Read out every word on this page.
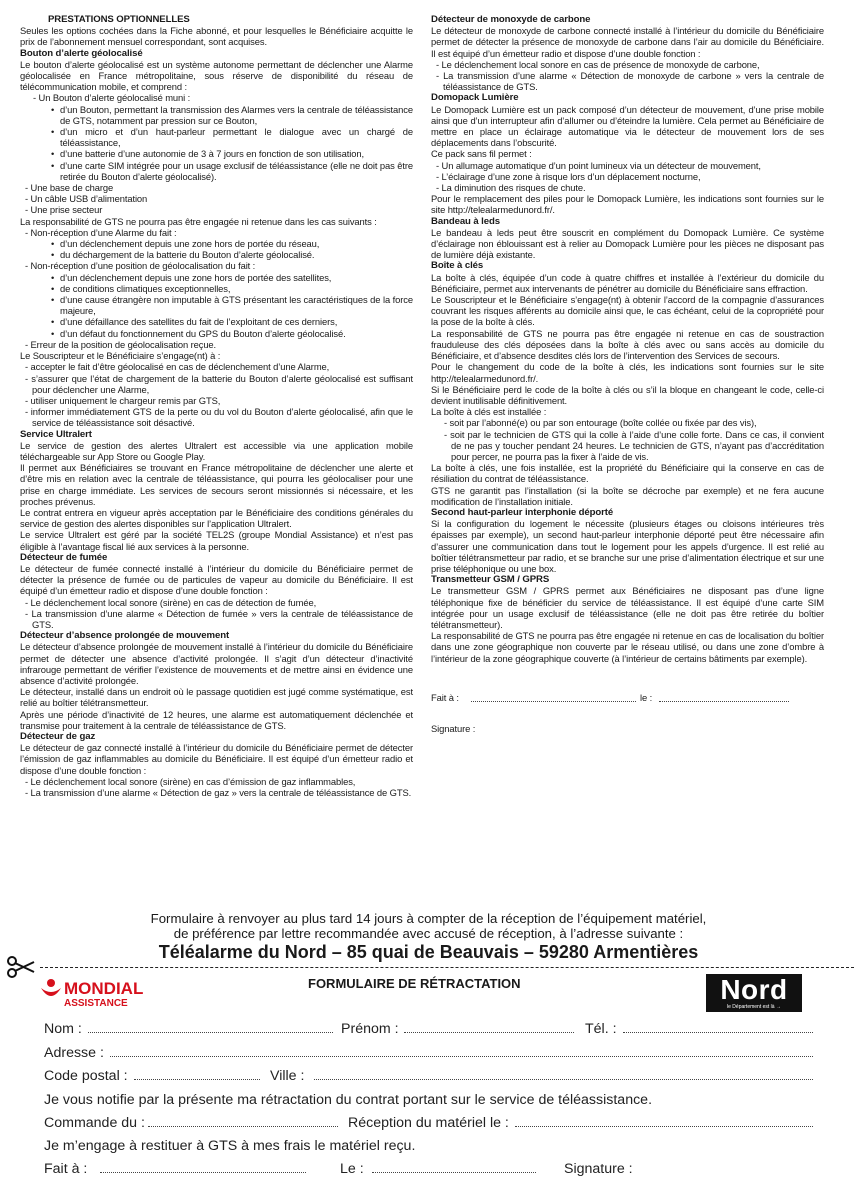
PRESTATIONS OPTIONNELLES

Seules les options cochées dans la Fiche abonné, et pour lesquelles le Bénéficiaire acquitte le prix de l’abonnement mensuel correspondant, sont acquises.

Bouton d’alerte géolocalisé

Le bouton d’alerte géolocalisé est un système autonome permettant de déclencher une Alarme géolocalisée en France métropolitaine, sous réserve de disponibilité du réseau de télécommunication mobile, et comprend :

- Un Bouton d’alerte géolocalisé muni :
• d’un Bouton, permettant la transmission des Alarmes vers la centrale de téléassistance de GTS, notamment par pression sur ce Bouton,
• d’un micro et d’un haut-parleur permettant le dialogue avec un chargé de téléassistance,
• d’une batterie d’une autonomie de 3 à 7 jours en fonction de son utilisation,
• d’une carte SIM intégrée pour un usage exclusif de téléassistance (elle ne doit pas être retirée du Bouton d’alerte géolocalisé).
- Une base de charge
- Un câble USB d’alimentation
- Une prise secteur

La responsabilité de GTS ne pourra pas être engagée ni retenue dans les cas suivants :

- Non-réception d’une Alarme du fait :
• d’un déclenchement depuis une zone hors de portée du réseau,
• du déchargement de la batterie du Bouton d’alerte géolocalisé.
- Non-réception d’une position de géolocalisation du fait :
• d’un déclenchement depuis une zone hors de portée des satellites,
• de conditions climatiques exceptionnelles,
• d’une cause étrangère non imputable à GTS présentant les caractéristiques de la force majeure,
• d’une défaillance des satellites du fait de l’exploitant de ces derniers,
• d’un défaut du fonctionnement du GPS du Bouton d’alerte géolocalisé.
- Erreur de la position de géolocalisation reçue.

Le Souscripteur et le Bénéficiaire s’engage(nt) à :

- accepter le fait d’être géolocalisé en cas de déclenchement d’une Alarme,
- s’assurer que l’état de chargement de la batterie du Bouton d’alerte géolocalisé est suffisant pour déclencher une Alarme,
- utiliser uniquement le chargeur remis par GTS,
- informer immédiatement GTS de la perte ou du vol du Bouton d’alerte géolocalisé, afin que le service de téléassistance soit désactivé.
Service Ultralert

Le service de gestion des alertes Ultralert est accessible via une application mobile téléchargeable sur App Store ou Google Play.

Il permet aux Bénéficiaires se trouvant en France métropolitaine de déclencher une alerte et d’être mis en relation avec la centrale de téléassistance, qui pourra les géolocaliser pour une prise en charge immédiate. Les services de secours seront missionnés si nécessaire, et les proches prévenus.

Le contrat entrera en vigueur après acceptation par le Bénéficiaire des conditions générales du service de gestion des alertes disponibles sur l’application Ultralert.

Le service Ultralert est géré par la société TEL2S (groupe Mondial Assistance) et n’est pas éligible à l’avantage fiscal lié aux services à la personne.

Détecteur de fumée

Le détecteur de fumée connecté installé à l’intérieur du domicile du Bénéficiaire permet de détecter la présence de fumée ou de particules de vapeur au domicile du Bénéficiaire. Il est équipé d’un émetteur radio et dispose d’une double fonction :

- Le déclenchement local sonore (sirène) en cas de détection de fumée,
- La transmission d’une alarme « Détection de fumée » vers la centrale de téléassistance de GTS.
Détecteur d’absence prolongée de mouvement

Le détecteur d’absence prolongée de mouvement installé à l’intérieur du domicile du Bénéficiaire permet de détecter une absence d’activité prolongée. Il s’agit d’un détecteur d’inactivité infrarouge permettant de vérifier l’existence de mouvements et de mettre ainsi en évidence une absence d’activité prolongée.

Le détecteur, installé dans un endroit où le passage quotidien est jugé comme systématique, est relié au boîtier télétransmetteur.

Après une période d’inactivité de 12 heures, une alarme est automatiquement déclenchée et transmise pour traitement à la centrale de téléassistance de GTS.

Détecteur de gaz

Le détecteur de gaz connecté installé à l’intérieur du domicile du Bénéficiaire permet de détecter l’émission de gaz inflammables au domicile du Bénéficiaire. Il est équipé d’un émetteur radio et dispose d’une double fonction :

- Le déclenchement local sonore (sirène) en cas d’émission de gaz inflammables,
- La transmission d’une alarme « Détection de gaz » vers la centrale de téléassistance de GTS.
Détecteur de monoxyde de carbone

Le détecteur de monoxyde de carbone connecté installé à l’intérieur du domicile du Bénéficiaire permet de détecter la présence de monoxyde de carbone dans l’air au domicile du Bénéficiaire. Il est équipé d’un émetteur radio et dispose d’une double fonction :

- Le déclenchement local sonore en cas de présence de monoxyde de carbone,
- La transmission d’une alarme « Détection de monoxyde de carbone » vers la centrale de téléassistance de GTS.
Domopack Lumière

Le Domopack Lumière est un pack composé d’un détecteur de mouvement, d’une prise mobile ainsi que d’un interrupteur afin d’allumer ou d’éteindre la lumière. Cela permet au Bénéficiaire de mettre en place un éclairage automatique via le détecteur de mouvement lors de ses déplacements dans l’obscurité.

Ce pack sans fil permet :

- Un allumage automatique d’un point lumineux via un détecteur de mouvement,
- L’éclairage d’une zone à risque lors d’un déplacement nocturne,
- La diminution des risques de chute.

Pour le remplacement des piles pour le Domopack Lumière, les indications sont fournies sur le site http://telealarmedunord.fr/.

Bandeau à leds

Le bandeau à leds peut être souscrit en complément du Domopack Lumière. Ce système d’éclairage non éblouissant est à relier au Domopack Lumière pour les pièces ne disposant pas de lumière déjà existante.

Boîte à clés

La boîte à clés, équipée d’un code à quatre chiffres et installée à l’extérieur du domicile du Bénéficiaire, permet aux intervenants de pénétrer au domicile du Bénéficiaire sans effraction.

Le Souscripteur et le Bénéficiaire s’engage(nt) à obtenir l’accord de la compagnie d’assurances couvrant les risques afférents au domicile ainsi que, le cas échéant, celui de la copropriété pour la pose de la boîte à clés.

La responsabilité de GTS ne pourra pas être engagée ni retenue en cas de soustraction frauduleuse des clés déposées dans la boîte à clés avec ou sans accès au domicile du Bénéficiaire, et d’absence desdites clés lors de l’intervention des Services de secours.

Pour le changement du code de la boîte à clés, les indications sont fournies sur le site http://telealarmedunord.fr/.

Si le Bénéficiaire perd le code de la boîte à clés ou s’il la bloque en changeant le code, celle-ci devient inutilisable définitivement.

La boîte à clés est installée :

- soit par l’abonné(e) ou par son entourage (boîte collée ou fixée par des vis),
- soit par le technicien de GTS qui la colle à l’aide d’une colle forte. Dans ce cas, il convient de ne pas y toucher pendant 24 heures. Le technicien de GTS, n’ayant pas d’accréditation pour percer, ne pourra pas la fixer à l’aide de vis.

La boîte à clés, une fois installée, est la propriété du Bénéficiaire qui la conserve en cas de résiliation du contrat de téléassistance.

GTS ne garantit pas l’installation (si la boîte se décroche par exemple) et ne fera aucune modification de l’installation initiale.

Second haut-parleur interphonie déporté

Si la configuration du logement le nécessite (plusieurs étages ou cloisons intérieures très épaisses par exemple), un second haut-parleur interphonie déporté peut être nécessaire afin d’assurer une communication dans tout le logement pour les appels d’urgence. Il est relié au boîtier télétransmetteur par radio, et se branche sur une prise d’alimentation électrique et sur une prise téléphonique ou une box.

Transmetteur GSM / GPRS

Le transmetteur GSM / GPRS permet aux Bénéficiaires ne disposant pas d’une ligne téléphonique fixe de bénéficier du service de téléassistance. Il est équipé d’une carte SIM intégrée pour un usage exclusif de téléassistance (elle ne doit pas être retirée du boîtier télétransmetteur).

La responsabilité de GTS ne pourra pas être engagée ni retenue en cas de localisation du boîtier dans une zone géographique non couverte par le réseau utilisé, ou dans une zone d’ombre à l’intérieur de la zone géographique couverte (à l’intérieur de certains bâtiments par exemple).

Fait à :	le :
Signature :
Formulaire à renvoyer au plus tard 14 jours à compter de la réception de l’équipement matériel,
de préférence par lettre recommandée avec accusé de réception, à l’adresse suivante :
Téléalarme du Nord – 85 quai de Beauvais – 59280 Armentières
MONDIAL
ASSISTANCE
FORMULAIRE DE RÉTRACTATION	Nord
le Département est là →
Nom :	Prénom :	Tél. :
Adresse :
Code postal :	Ville :
Je vous notifie par la présente ma rétractation du contrat portant sur le service de téléassistance.
Commande du :	Réception du matériel le :
Je m’engage à restituer à GTS à mes frais le matériel reçu.
Fait à :	Le :	Signature :
